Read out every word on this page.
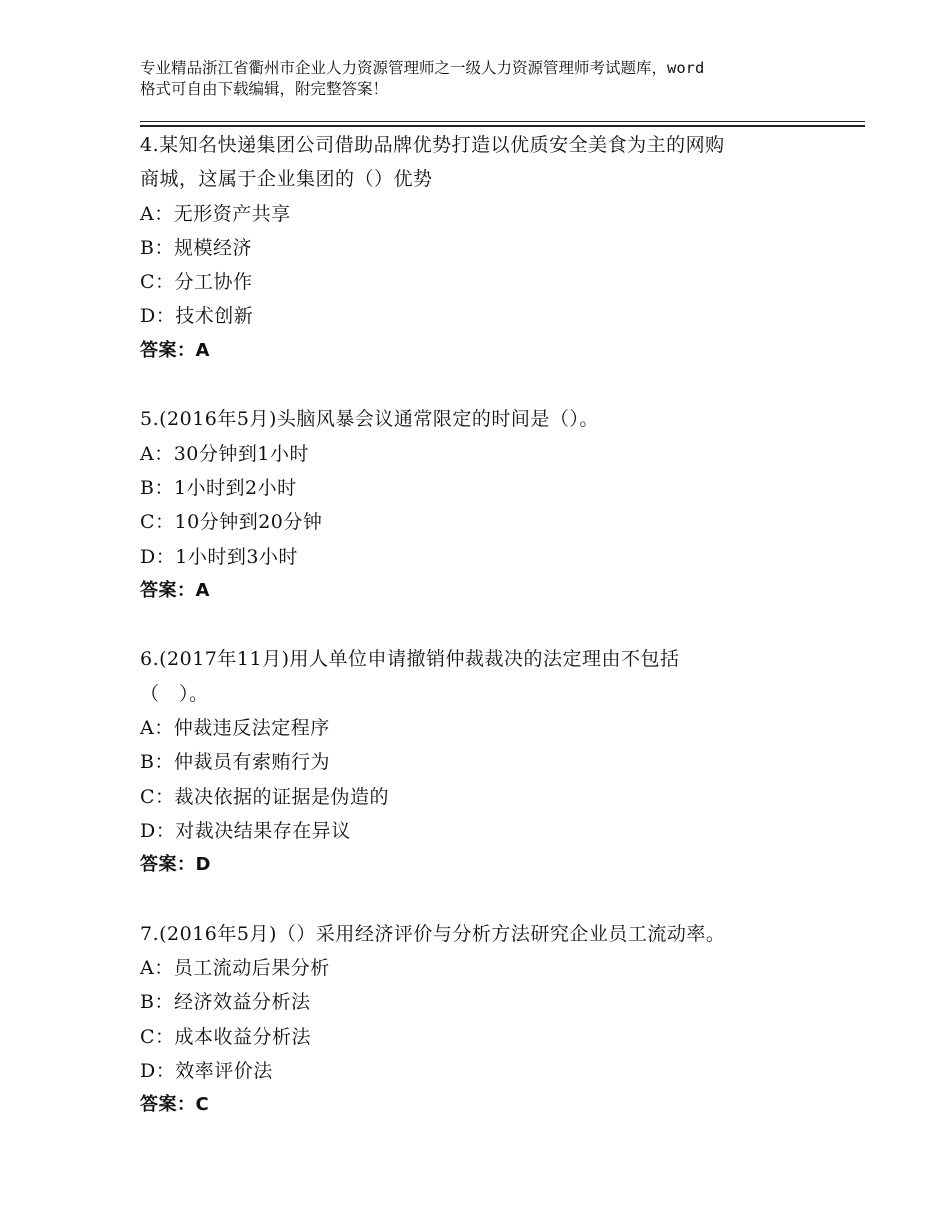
专业精品浙江省衢州市企业人力资源管理师之一级人力资源管理师考试题库，word
格式可自由下载编辑，附完整答案！
4.某知名快递集团公司借助品牌优势打造以优质安全美食为主的网购
商城，这属于企业集团的（）优势
A：无形资产共享
B：规模经济
C：分工协作
D：技术创新
答案：A
5.(2016年5月)头脑风暴会议通常限定的时间是（）。
A：30分钟到1小时
B：1小时到2小时
C：10分钟到20分钟
D：1小时到3小时
答案：A
6.(2017年11月)用人单位申请撤销仲裁裁决的法定理由不包括
（　）。
A：仲裁违反法定程序
B：仲裁员有索贿行为
C：裁决依据的证据是伪造的
D：对裁决结果存在异议
答案：D
7.(2016年5月)（）采用经济评价与分析方法研究企业员工流动率。
A：员工流动后果分析
B：经济效益分析法
C：成本收益分析法
D：效率评价法
答案：C
